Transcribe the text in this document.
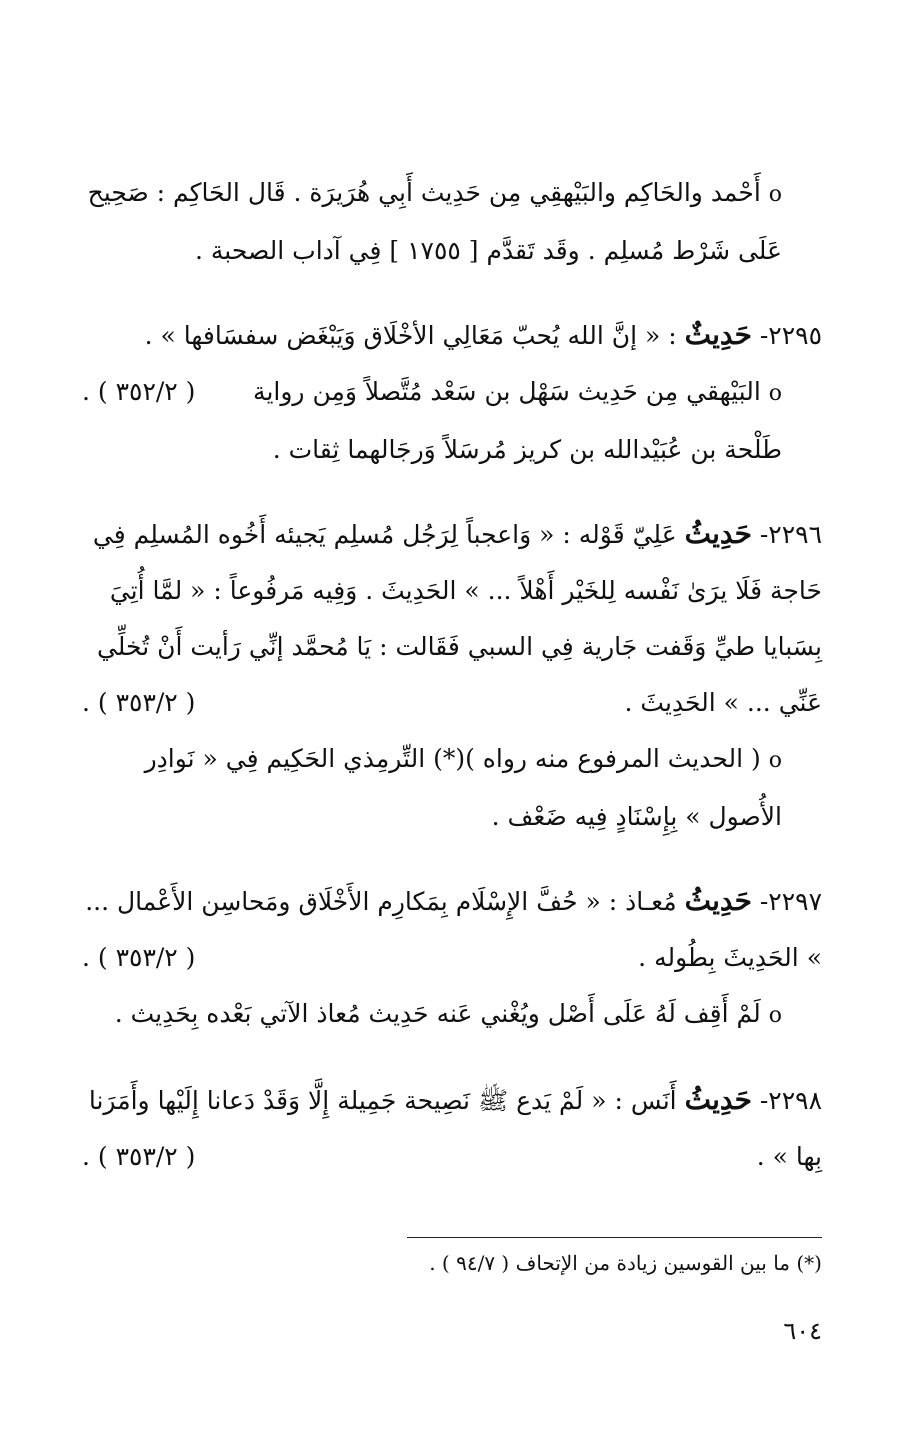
o أَحْمد والحَاكِم والبَيْهقِي مِن حَدِيث أَبِي هُرَيرَة . قَال الحَاكِم : صَحِيح عَلَى شَرْط مُسلِم . وقَد تَقدَّم [ ١٧٥٥ ] فِي آداب الصحبة .

٢٢٩٥- حَدِيثٌ : « إنَّ الله يُحبّ مَعَالِي الأخْلَاق وَيَبْغَض سفسَافها » .
( ٣٥٢/٢ ) .	o البَيْهقي مِن حَدِيث سَهْل بن سَعْد مُتَّصلاً وَمِن رواية طَلْحة بن عُبَيْدالله بن كريز مُرسَلاً وَرجَالهما ثِقات .

٢٢٩٦- حَدِيثُ عَلِيّ قَوْله : « وَاعجباً لِرَجُل مُسلِم يَجيئه أَخُوه المُسلِم فِي حَاجة فَلَا يرَىٰ نَفْسه لِلخَيْر أَهْلاً ... » الحَدِيثَ . وَفِيه مَرفُوعاً : « لمَّا أُتِيَ بِسَبايا طيِّ وَقَفت جَارية فِي السبي فَقَالت : يَا مُحمَّد إنِّي رَأيت أَنْ تُخلِّي عَنِّي ... » الحَدِيثَ .
( ٣٥٣/٢ ) .

o ( الحديث المرفوع منه رواه )(*) التِّرمِذي الحَكِيم فِي « نَوادِر الأُصول » بِإِسْنَادٍ فِيه ضَعْف .

٢٢٩٧- حَدِيثُ مُعـاذ : « حُفَّ الإِسْلَام بِمَكارِم الأَخْلَاق ومَحاسِن الأَعْمال ... » الحَدِيثَ بِطُوله .
( ٣٥٣/٢ ) .

o لَمْ أَقِف لَهُ عَلَى أَصْل ويُغْني عَنه حَدِيث مُعاذ الآتي بَعْده بِحَدِيث .

٢٢٩٨- حَدِيثُ أَنَس : « لَمْ يَدع ﷺ نَصِيحة جَمِيلة إِلَّا وَقَدْ دَعانا إِلَيْها وأَمَرَنا بِها » .
( ٣٥٣/٢ ) .

(*) ما بين القوسين زيادة من الإتحاف ( ٩٤/٧ ) .
٦٠٤
